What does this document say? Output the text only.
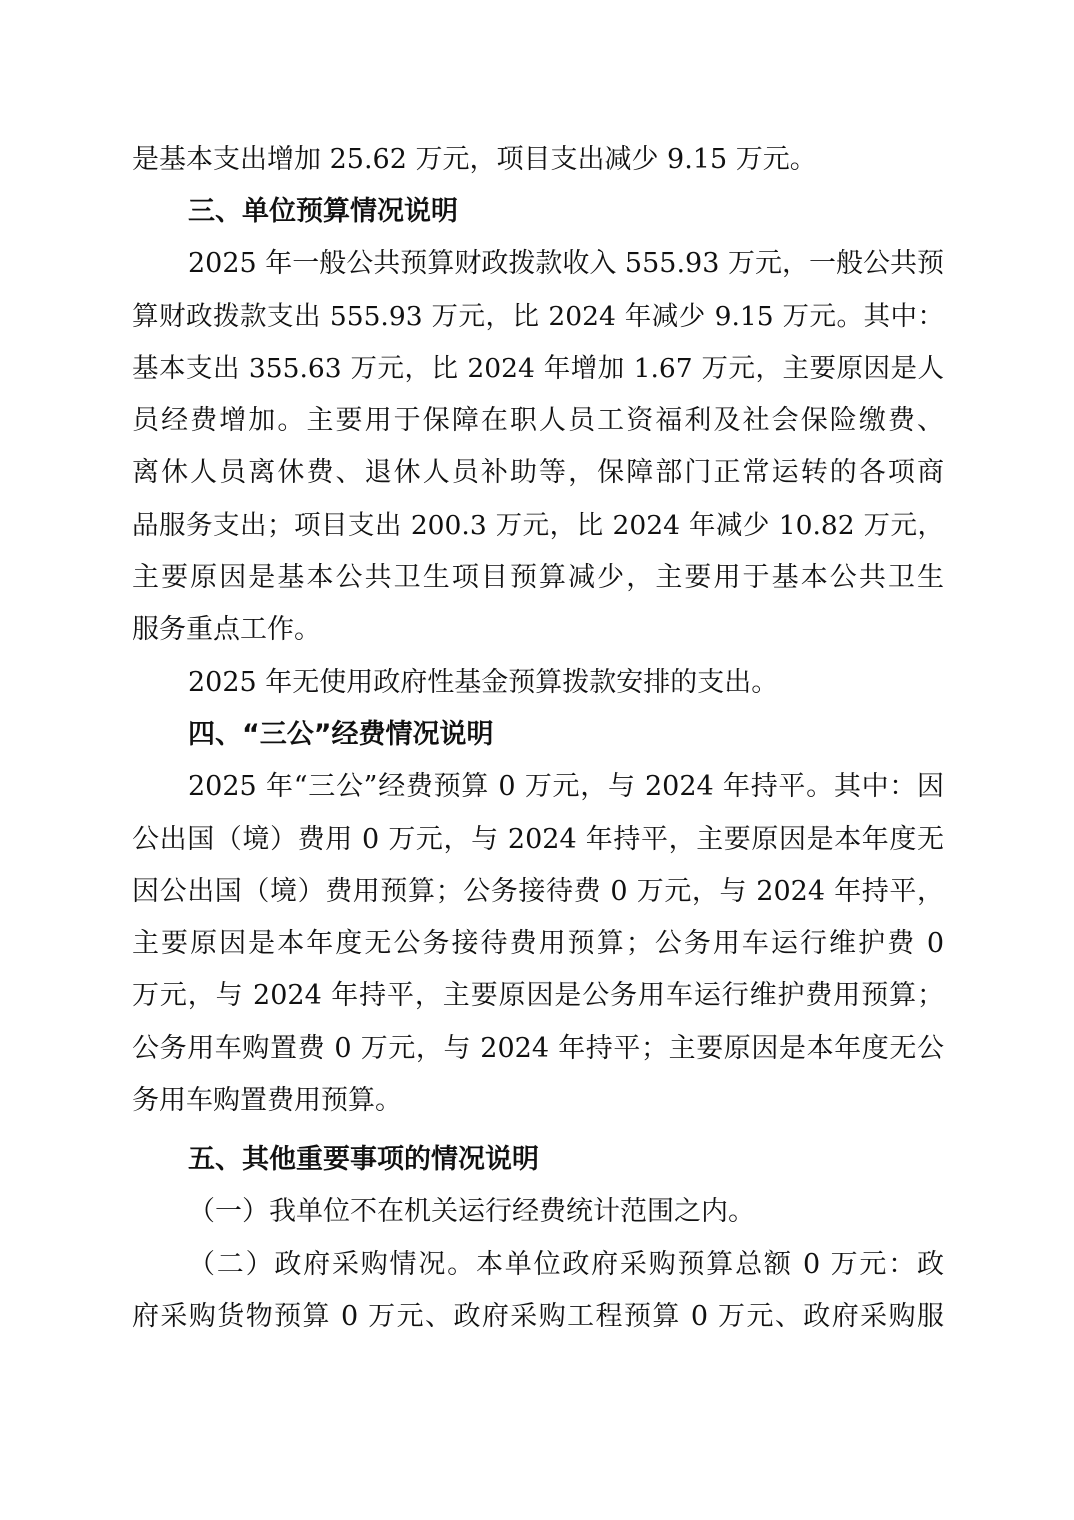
是基本支出增加 25.62 万元，项目支出减少 9.15 万元。
三、单位预算情况说明
2025 年一般公共预算财政拨款收入 555.93 万元，一般公共预
算财政拨款支出 555.93 万元，比 2024 年减少 9.15 万元。其中：
基本支出 355.63 万元，比 2024 年增加 1.67 万元，主要原因是人
员经费增加。主要用于保障在职人员工资福利及社会保险缴费、
离休人员离休费、退休人员补助等，保障部门正常运转的各项商
品服务支出；项目支出 200.3 万元，比 2024 年减少 10.82 万元，
主要原因是基本公共卫生项目预算减少，主要用于基本公共卫生
服务重点工作。
2025 年无使用政府性基金预算拨款安排的支出。
四、“三公”经费情况说明
2025 年“三公”经费预算 0 万元，与 2024 年持平。其中：因
公出国（境）费用 0 万元，与 2024 年持平，主要原因是本年度无
因公出国（境）费用预算；公务接待费 0 万元，与 2024 年持平，
主要原因是本年度无公务接待费用预算；公务用车运行维护费 0
万元，与 2024 年持平，主要原因是公务用车运行维护费用预算；
公务用车购置费 0 万元，与 2024 年持平；主要原因是本年度无公
务用车购置费用预算。
五、其他重要事项的情况说明
（一）我单位不在机关运行经费统计范围之内。
（二）政府采购情况。本单位政府采购预算总额 0 万元：政
府采购货物预算 0 万元、政府采购工程预算 0 万元、政府采购服
